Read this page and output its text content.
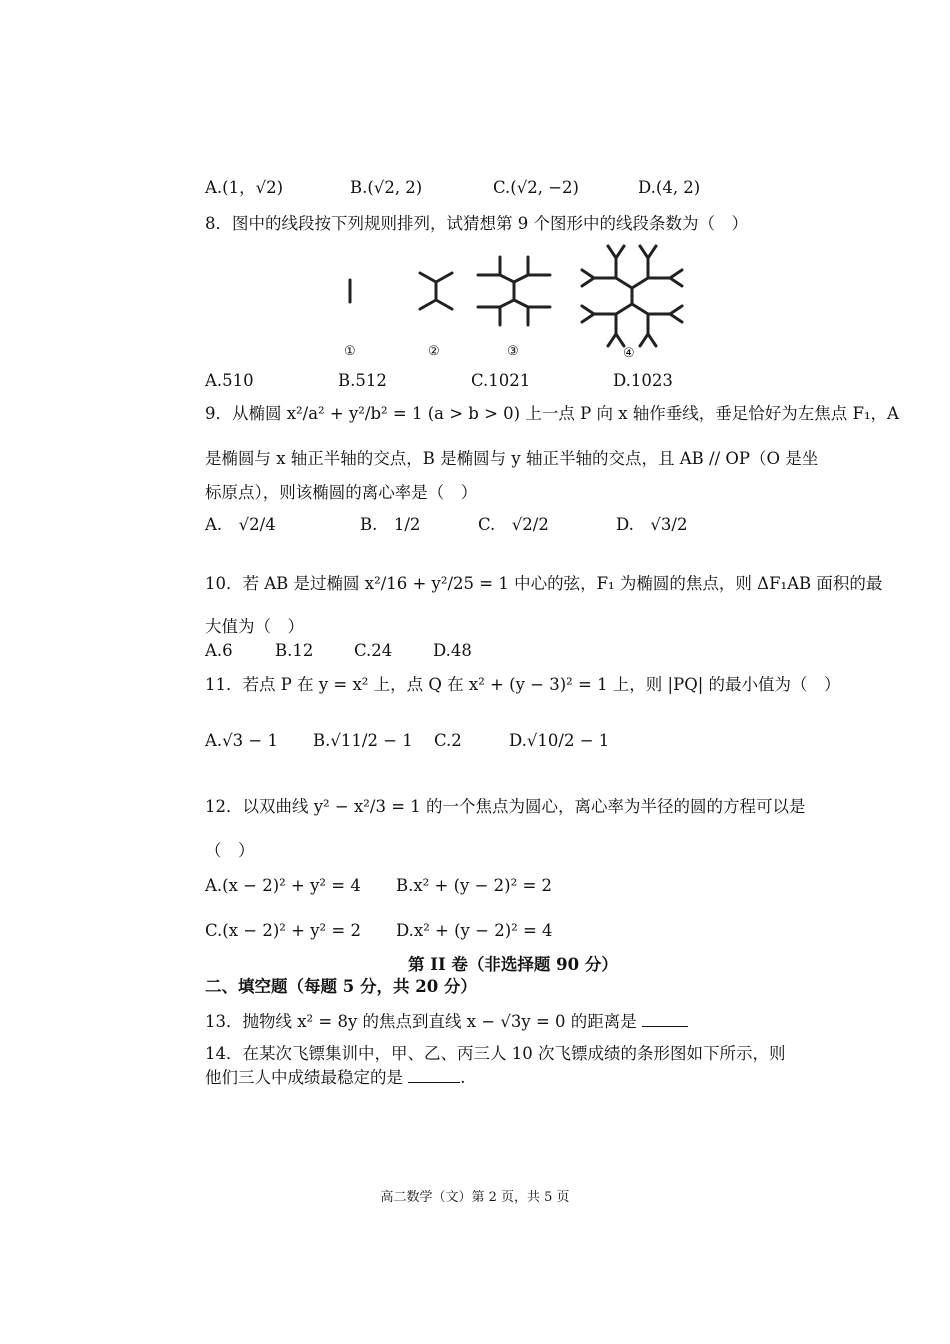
A.(1，√2)	B.(√2, 2)	C.(√2, −2)	D.(4, 2)
8．图中的线段按下列规则排列，试猜想第 9 个图形中的线段条数为（　）
①	②	③	④
A.510	B.512	C.1021	D.1023
9．从椭圆 x²/a² + y²/b² = 1 (a > b > 0) 上一点 P 向 x 轴作垂线，垂足恰好为左焦点 F₁，A
是椭圆与 x 轴正半轴的交点，B 是椭圆与 y 轴正半轴的交点，且 AB // OP（O 是坐
标原点），则该椭圆的离心率是（　）
A.　√2/4	B.　1/2	C.　√2/2	D.　√3/2
10．若 AB 是过椭圆 x²/16 + y²/25 = 1 中心的弦，F₁ 为椭圆的焦点，则 ΔF₁AB 面积的最
大值为（　）
A.6	B.12 C.24 D.48
11．若点 P 在 y = x² 上，点 Q 在 x² + (y − 3)² = 1 上，则 |PQ| 的最小值为（　）
A.√3 − 1 B.√11/2 − 1 C.2	D.√10/2 − 1
12．以双曲线 y² − x²/3 = 1 的一个焦点为圆心，离心率为半径的圆的方程可以是
（　）
A.(x − 2)² + y² = 4 B.x² + (y − 2)² = 2
C.(x − 2)² + y² = 2 D.x² + (y − 2)² = 4
第 II 卷（非选择题 90 分）
二、填空题（每题 5 分，共 20 分）
13．抛物线 x² = 8y 的焦点到直线 x − √3y = 0 的距离是
14．在某次飞镖集训中，甲、乙、丙三人 10 次飞镖成绩的条形图如下所示，则
他们三人中成绩最稳定的是	.
高二数学（文）第 2 页，共 5 页
